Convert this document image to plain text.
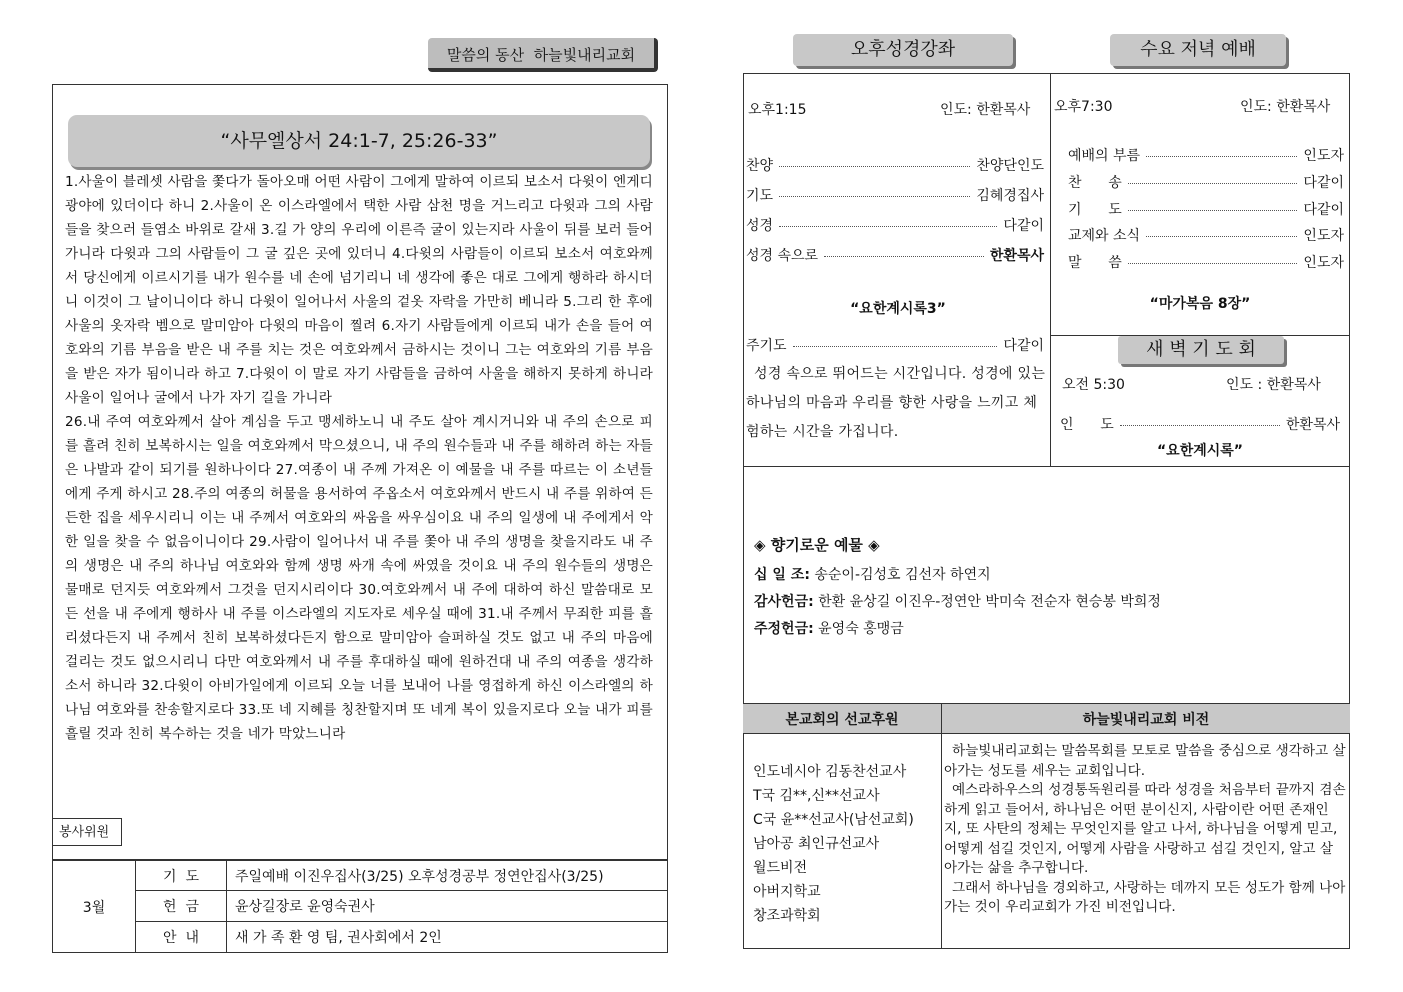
말씀의 동산  하늘빛내리교회
“사무엘상서 24:1-7, 25:26-33”

1.사울이 블레셋 사람을 쫓다가 돌아오매 어떤 사람이 그에게 말하여 이르되 보소서 다윗이 엔게디 광야에 있더이다 하니 2.사울이 온 이스라엘에서 택한 사람 삼천 명을 거느리고 다윗과 그의 사람들을 찾으러 들염소 바위로 갈새 3.길 가 양의 우리에 이른즉 굴이 있는지라 사울이 뒤를 보러 들어가니라 다윗과 그의 사람들이 그 굴 깊은 곳에 있더니 4.다윗의 사람들이 이르되 보소서 여호와께서 당신에게 이르시기를 내가 원수를 네 손에 넘기리니 네 생각에 좋은 대로 그에게 행하라 하시더니 이것이 그 날이니이다 하니 다윗이 일어나서 사울의 겉옷 자락을 가만히 베니라 5.그리 한 후에 사울의 옷자락 벰으로 말미암아 다윗의 마음이 찔려 6.자기 사람들에게 이르되 내가 손을 들어 여호와의 기름 부음을 받은 내 주를 치는 것은 여호와께서 금하시는 것이니 그는 여호와의 기름 부음을 받은 자가 됨이니라 하고 7.다윗이 이 말로 자기 사람들을 금하여 사울을 해하지 못하게 하니라 사울이 일어나 굴에서 나가 자기 길을 가니라

26.내 주여 여호와께서 살아 계심을 두고 맹세하노니 내 주도 살아 계시거니와 내 주의 손으로 피를 흘려 친히 보복하시는 일을 여호와께서 막으셨으니, 내 주의 원수들과 내 주를 해하려 하는 자들은 나발과 같이 되기를 원하나이다 27.여종이 내 주께 가져온 이 예물을 내 주를 따르는 이 소년들에게 주게 하시고 28.주의 여종의 허물을 용서하여 주옵소서 여호와께서 반드시 내 주를 위하여 든든한 집을 세우시리니 이는 내 주께서 여호와의 싸움을 싸우심이요 내 주의 일생에 내 주에게서 악한 일을 찾을 수 없음이니이다 29.사람이 일어나서 내 주를 쫓아 내 주의 생명을 찾을지라도 내 주의 생명은 내 주의 하나님 여호와와 함께 생명 싸개 속에 싸였을 것이요 내 주의 원수들의 생명은 물매로 던지듯 여호와께서 그것을 던지시리이다 30.여호와께서 내 주에 대하여 하신 말씀대로 모든 선을 내 주에게 행하사 내 주를 이스라엘의 지도자로 세우실 때에 31.내 주께서 무죄한 피를 흘리셨다든지 내 주께서 친히 보복하셨다든지 함으로 말미암아 슬퍼하실 것도 없고 내 주의 마음에 걸리는 것도 없으시리니 다만 여호와께서 내 주를 후대하실 때에 원하건대 내 주의 여종을 생각하소서 하니라 32.다윗이 아비가일에게 이르되 오늘 너를 보내어 나를 영접하게 하신 이스라엘의 하나님 여호와를 찬송할지로다 33.또 네 지혜를 칭찬할지며 또 네게 복이 있을지로다 오늘 내가 피를 흘릴 것과 친히 복수하는 것을 네가 막았느니라

봉사위원
3월	기  도	주일예배 이진우집사(3/25) 오후성경공부 정연안집사(3/25)
	헌  금	윤상길장로 윤영숙권사
	안  내	새 가 족 환 영 팀, 권사회에서 2인
오후성경강좌	수요 저녁 예배
오후1:15	인도: 한환목사
찬양	찬양단인도
기도	김혜경집사
성경	다같이
성경 속으로	한환목사
“요한계시록3”
주기도	다같이
성경 속으로 뛰어드는 시간입니다. 성경에 있는 하나님의 마음과 우리를 향한 사랑을 느끼고 체험하는 시간을 가집니다.
오후7:30	인도: 한환목사
예배의 부름	인도자
찬      송	다같이
기      도	다같이
교제와 소식	인도자
말      씀	인도자
“마가복음 8장”
새 벽 기 도 회
오전 5:30	인도 : 한환목사
인      도	한환목사
“요한계시록”
◈ 향기로운 예물 ◈
십 일 조: 송순이-김성호 김선자 하연지
감사헌금: 한환 윤상길 이진우-정연안 박미숙 전순자 현승봉 박희정
주정헌금: 윤영숙 홍맹금
본교회의 선교후원	하늘빛내리교회 비전
인도네시아 김동찬선교사
T국 김**,신**선교사
C국 윤**선교사(남선교회)
남아공 최인규선교사
월드비전
아버지학교
창조과학회
하늘빛내리교회는 말씀목회를 모토로 말씀을 중심으로 생각하고 살아가는 성도를 세우는 교회입니다.
예스라하우스의 성경통독원리를 따라 성경을 처음부터 끝까지 겸손하게 읽고 들어서, 하나님은 어떤 분이신지, 사람이란 어떤 존재인지, 또 사탄의 정체는 무엇인지를 알고 나서, 하나님을 어떻게 믿고, 어떻게 섬길 것인지, 어떻게 사람을 사랑하고 섬길 것인지, 알고 살아가는 삶을 추구합니다.
그래서 하나님을 경외하고, 사랑하는 데까지 모든 성도가 함께 나아가는 것이 우리교회가 가진 비전입니다.
